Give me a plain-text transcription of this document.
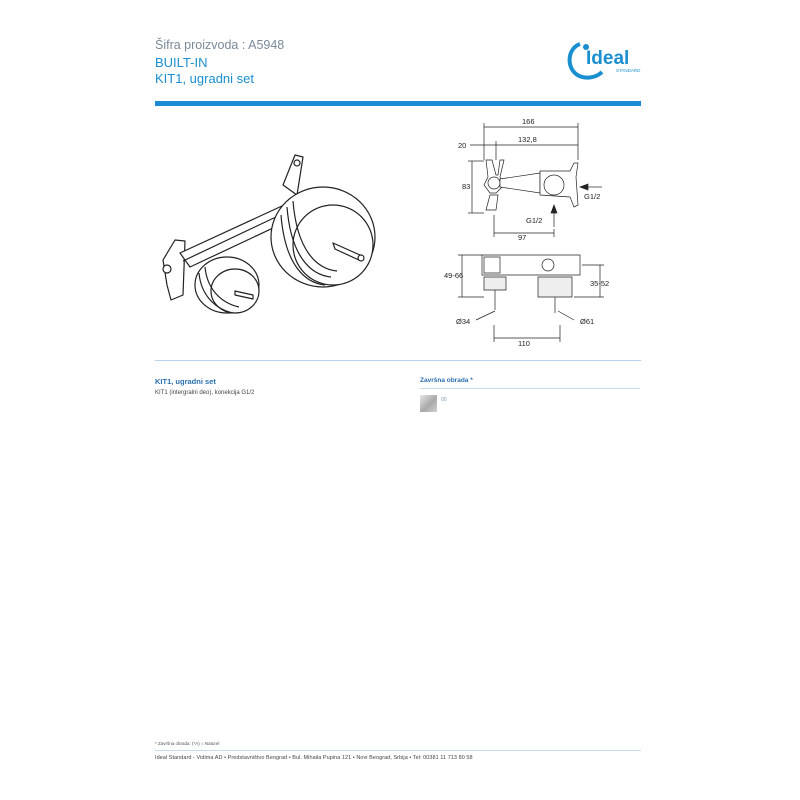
Šifra proizvoda : A5948
BUILT-IN
KIT1, ugradni set
Ideal
STANDARD
166
20
132,8
83
G1/2
G1/2
97
49-66
35-52
Ø34	Ø61
110
KIT1, ugradni set
KIT1 (intergralni deo), konekcija G1/2
Završna obrada *
00
* Završna obrada: (*A) = Naturel
Ideal Standard - Vidima AD • Predstavništvo Beograd • Bul. Mihaila Pupina 121 • Novi Beograd, Srbija • Tel: 00381 11 713 80 58
